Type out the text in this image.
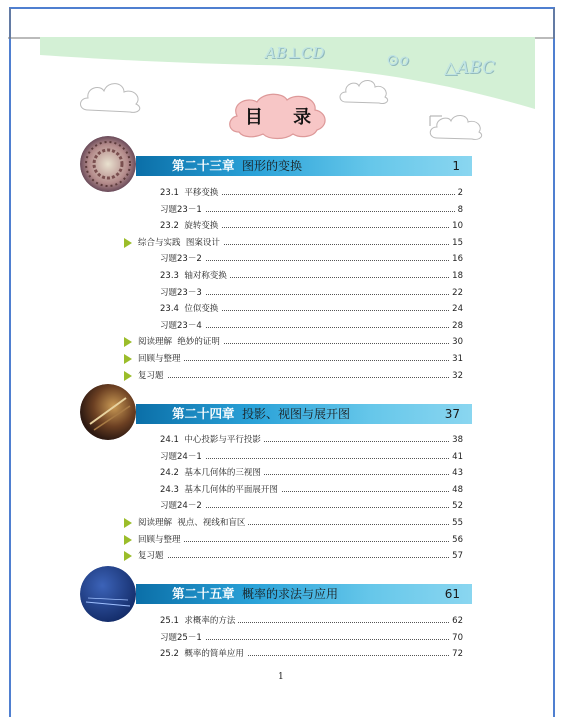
AB⊥CD	⊙o △ABC
目 录
第二十三章 图形的变换	1
第二十四章 投影、视图与展开图	37
第二十五章 概率的求法与应用	61
23.1  平移变换	2
习题23－1	8
23.2  旋转变换	10
综合与实践  图案设计	15
习题23－2	16
23.3  轴对称变换	18
习题23－3	22
23.4  位似变换	24
习题23－4	28
阅读理解  绝妙的证明	30
回顾与整理	31
复习题	32
24.1  中心投影与平行投影	38
习题24－1	41
24.2  基本几何体的三视图	43
24.3  基本几何体的平面展开图	48
习题24－2	52
阅读理解  视点、视线和盲区	55
回顾与整理	56
复习题	57
25.1  求概率的方法	62
习题25－1	70
25.2  概率的简单应用	72
1
